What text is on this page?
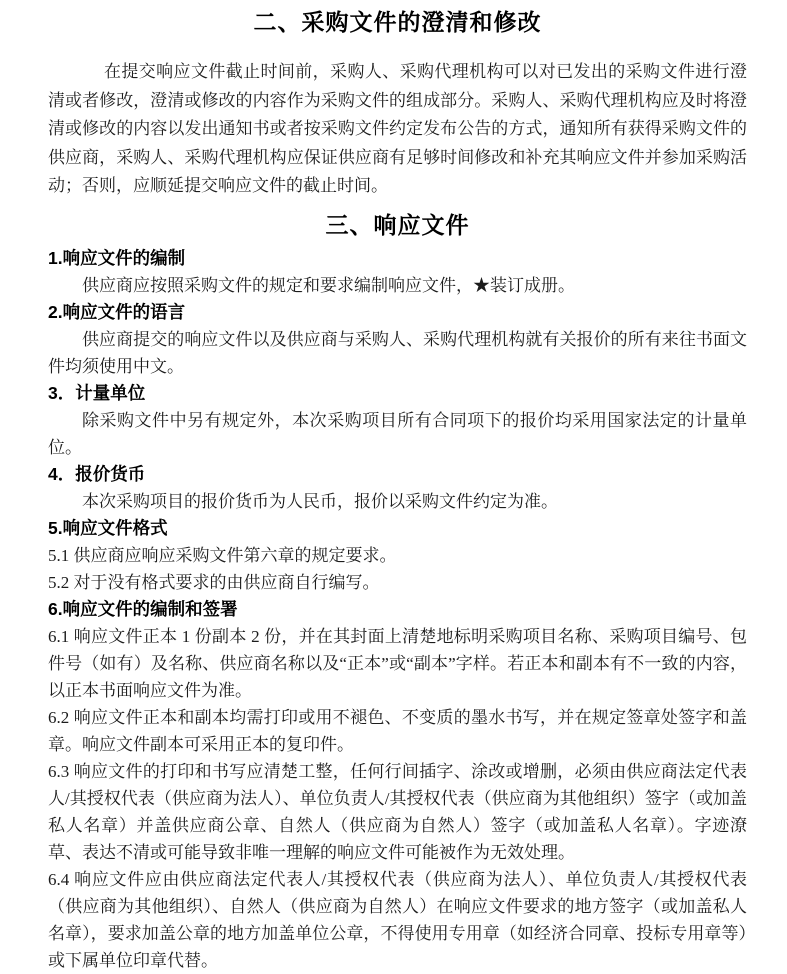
二、采购文件的澄清和修改

在提交响应文件截止时间前，采购人、采购代理机构可以对已发出的采购文件进行澄清或者修改，澄清或修改的内容作为采购文件的组成部分。采购人、采购代理机构应及时将澄清或修改的内容以发出通知书或者按采购文件约定发布公告的方式，通知所有获得采购文件的供应商，采购人、采购代理机构应保证供应商有足够时间修改和补充其响应文件并参加采购活动；否则，应顺延提交响应文件的截止时间。

三、响应文件
1.响应文件的编制

供应商应按照采购文件的规定和要求编制响应文件，★装订成册。

2.响应文件的语言

供应商提交的响应文件以及供应商与采购人、采购代理机构就有关报价的所有来往书面文件均须使用中文。

3．计量单位

除采购文件中另有规定外，本次采购项目所有合同项下的报价均采用国家法定的计量单位。

4．报价货币

本次采购项目的报价货币为人民币，报价以采购文件约定为准。

5.响应文件格式

5.1 供应商应响应采购文件第六章的规定要求。

5.2 对于没有格式要求的由供应商自行编写。

6.响应文件的编制和签署

6.1 响应文件正本 1 份副本 2 份，并在其封面上清楚地标明采购项目名称、采购项目编号、包件号（如有）及名称、供应商名称以及“正本”或“副本”字样。若正本和副本有不一致的内容，以正本书面响应文件为准。

6.2 响应文件正本和副本均需打印或用不褪色、不变质的墨水书写，并在规定签章处签字和盖章。响应文件副本可采用正本的复印件。

6.3 响应文件的打印和书写应清楚工整，任何行间插字、涂改或增删，必须由供应商法定代表人/其授权代表（供应商为法人）、单位负责人/其授权代表（供应商为其他组织）签字（或加盖私人名章）并盖供应商公章、自然人（供应商为自然人）签字（或加盖私人名章）。字迹潦草、表达不清或可能导致非唯一理解的响应文件可能被作为无效处理。

6.4 响应文件应由供应商法定代表人/其授权代表（供应商为法人）、单位负责人/其授权代表（供应商为其他组织）、自然人（供应商为自然人）在响应文件要求的地方签字（或加盖私人名章），要求加盖公章的地方加盖单位公章，不得使用专用章（如经济合同章、投标专用章等）或下属单位印章代替。
